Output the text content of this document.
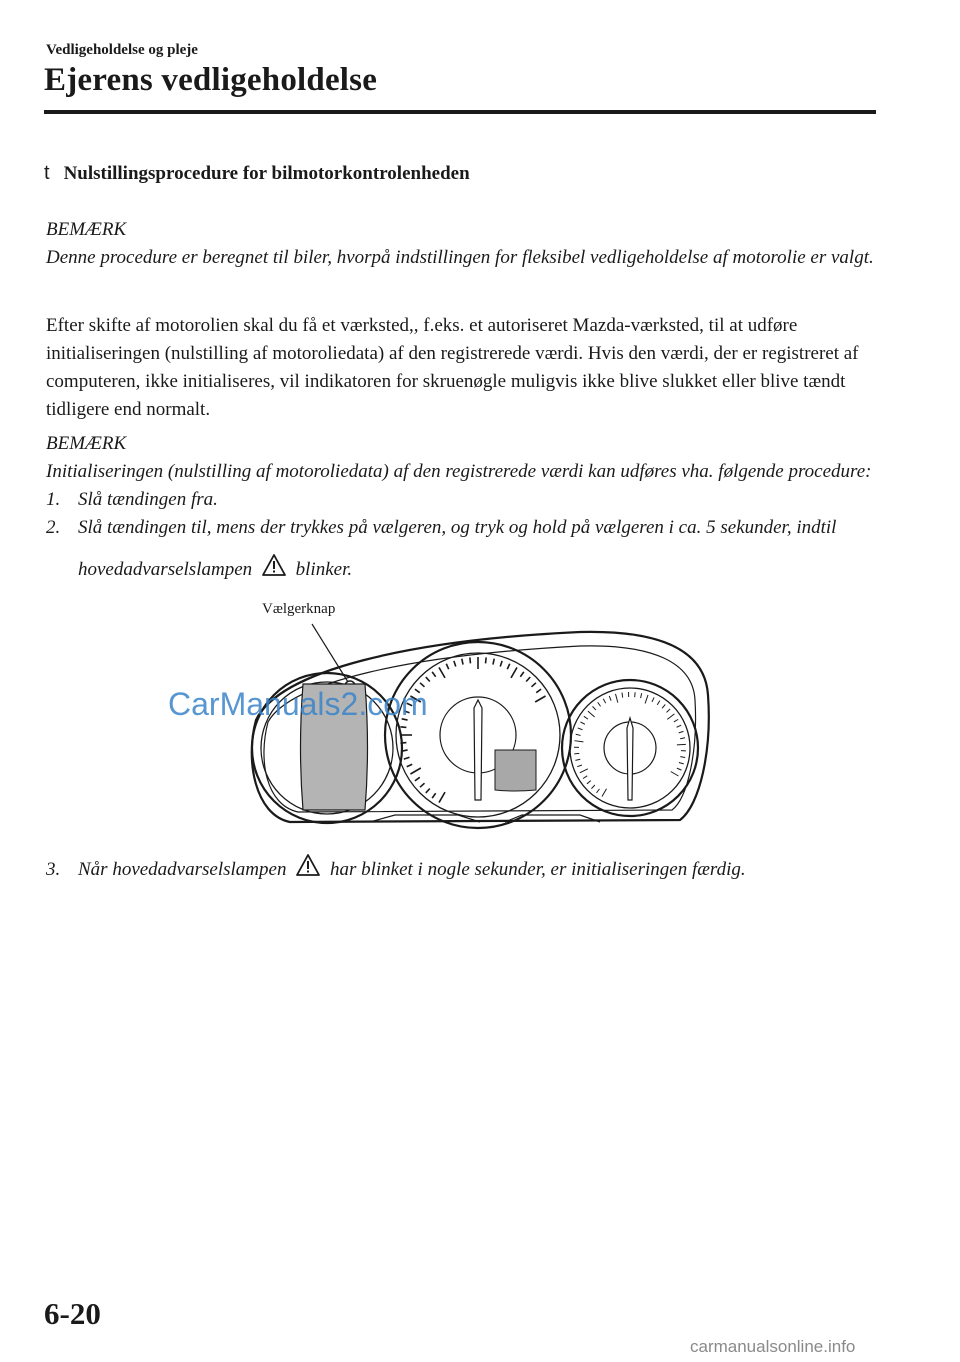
Vedligeholdelse og pleje
Ejerens vedligeholdelse
t Nulstillingsprocedure for bilmotorkontrolenheden
BEMÆRK
Denne procedure er beregnet til biler, hvorpå indstillingen for fleksibel vedligeholdelse af motorolie er valgt.
Efter skifte af motorolien skal du få et værksted,, f.eks. et autoriseret Mazda-værksted, til at udføre initialiseringen (nulstilling af motoroliedata) af den registrerede værdi. Hvis den værdi, der er registreret af computeren, ikke initialiseres, vil indikatoren for skruenøgle muligvis ikke blive slukket eller blive tændt tidligere end normalt.
BEMÆRK
Initialiseringen (nulstilling af motoroliedata) af den registrerede værdi kan udføres vha. følgende procedure:
1. Slå tændingen fra.
2. Slå tændingen til, mens der trykkes på vælgeren, og tryk og hold på vælgeren i ca. 5 sekunder, indtil hovedadvarselslampen blinker.
Vælgerknap
CarManuals2.com
3. Når hovedadvarselslampen har blinket i nogle sekunder, er initialiseringen færdig.
6-20
carmanualsonline.info
